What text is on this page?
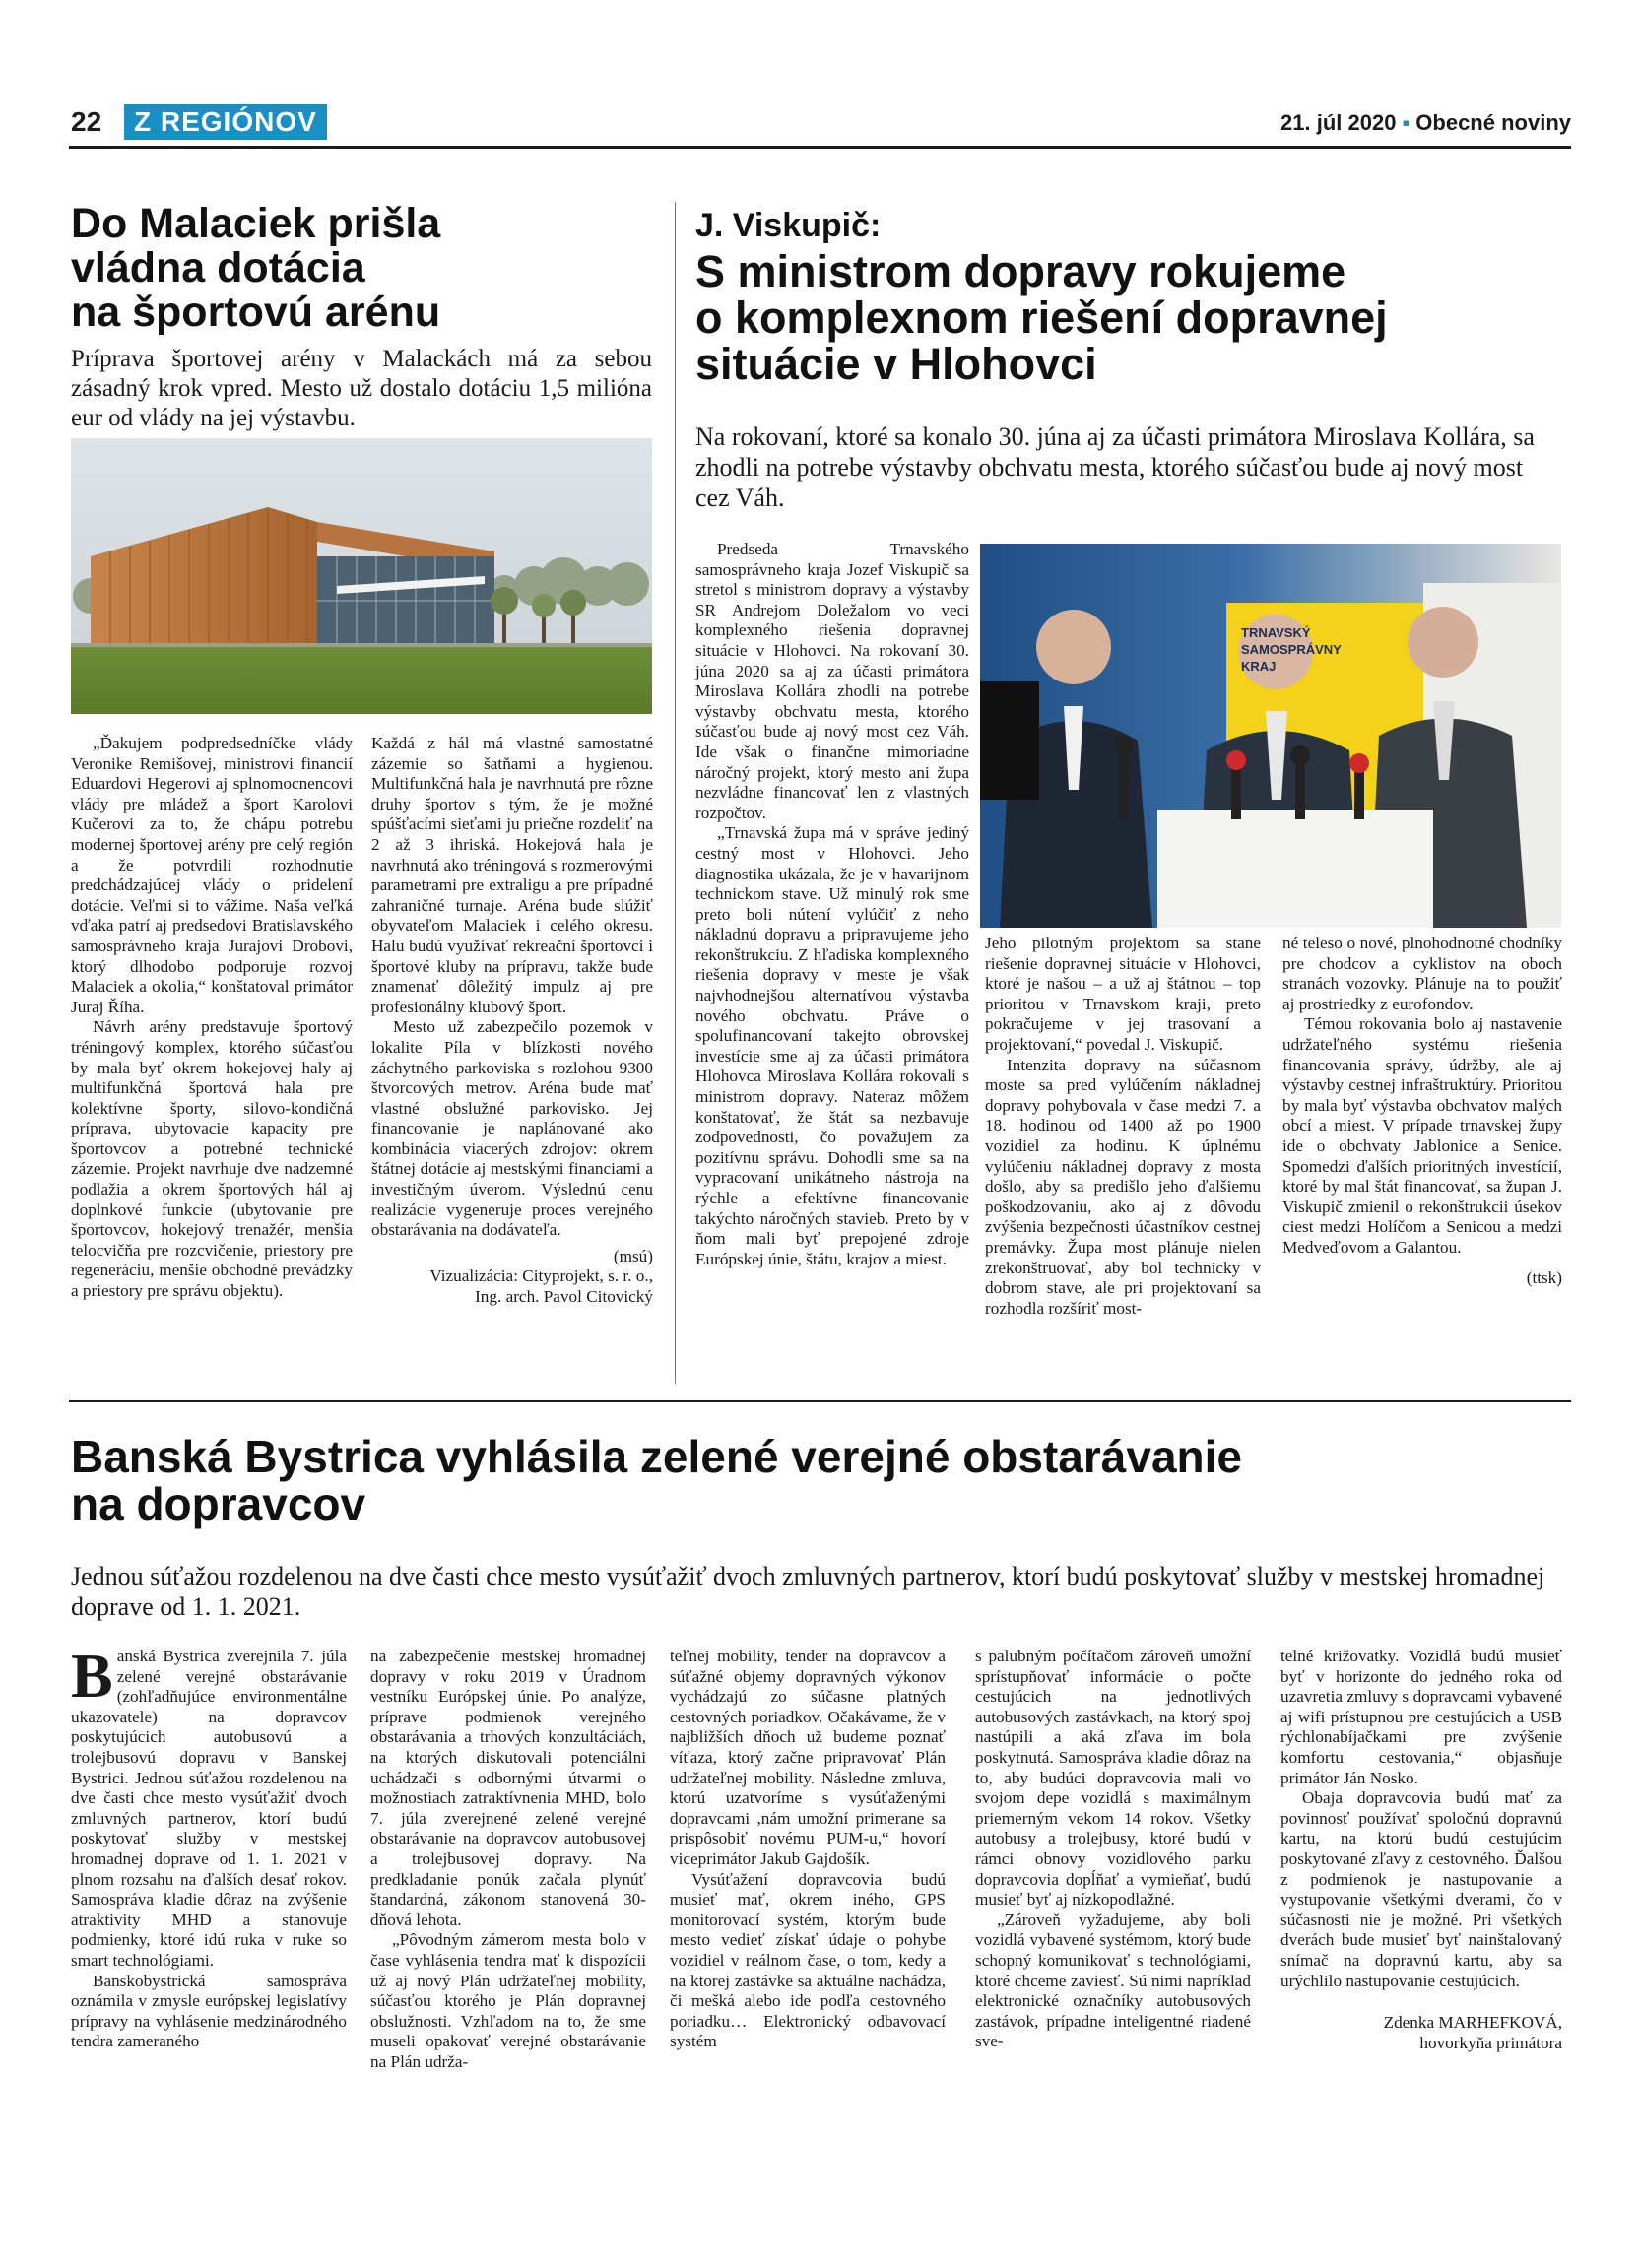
22	Z REGIÓNOV	21. júl 2020 ▪ Obecné noviny
Do Malaciek prišla
vládna dotácia
na športovú arénu
Príprava športovej arény v Malackách má za sebou zásadný krok vpred. Mesto už dostalo dotáciu 1,5 milióna eur od vlády na jej výstavbu.

„Ďakujem podpredsedníčke vlády Veronike Remišovej, ministrovi financií Eduardovi Hegerovi aj splnomocnencovi vlády pre mládež a šport Karolovi Kučerovi za to, že chápu potrebu modernej športovej arény pre celý región a že potvrdili rozhodnutie predchádzajúcej vlády o pridelení dotácie. Veľmi si to vážime. Naša veľká vďaka patrí aj predsedovi Bratislavského samosprávneho kraja Jurajovi Drobovi, ktorý dlhodobo podporuje rozvoj Malaciek a okolia,“ konštatoval primátor Juraj Říha.

Návrh arény predstavuje športový tréningový komplex, ktorého súčasťou by mala byť okrem hokejovej haly aj multifunkčná športová hala pre kolektívne športy, silovo-kondičná príprava, ubytovacie kapacity pre športovcov a potrebné technické zázemie. Projekt navrhuje dve nadzemné podlažia a okrem športových hál aj doplnkové funkcie (ubytovanie pre športovcov, hokejový trenažér, menšia telocvičňa pre rozcvičenie, priestory pre regeneráciu, menšie obchodné prevádzky a priestory pre správu objektu).

Každá z hál má vlastné samostatné zázemie so šatňami a hygienou. Multifunkčná hala je navrhnutá pre rôzne druhy športov s tým, že je možné spúšťacími sieťami ju priečne rozdeliť na 2 až 3 ihriská. Hokejová hala je navrhnutá ako tréningová s rozmerovými parametrami pre extraligu a pre prípadné zahraničné turnaje. Aréna bude slúžiť obyvateľom Malaciek i celého okresu. Halu budú využívať rekreační športovci i športové kluby na prípravu, takže bude znamenať dôležitý impulz aj pre profesionálny klubový šport.

Mesto už zabezpečilo pozemok v lokalite Píla v blízkosti nového záchytného parkoviska s rozlohou 9300 štvorcových metrov. Aréna bude mať vlastné obslužné parkovisko. Jej financovanie je naplánované ako kombinácia viacerých zdrojov: okrem štátnej dotácie aj mestskými financiami a investičným úverom. Výslednú cenu realizácie vygeneruje proces verejného obstarávania na dodávateľa.

(msú)

Vizualizácia: Cityprojekt, s. r. o.,

Ing. arch. Pavol Citovický

J. Viskupič:
S ministrom dopravy rokujeme
o komplexnom riešení dopravnej
situácie v Hlohovci
Na rokovaní, ktoré sa konalo 30. júna aj za účasti primátora Miroslava Kollára, sa zhodli na potrebe výstavby obchvatu mesta, ktorého súčasťou bude aj nový most cez Váh.

Predseda Trnavského samosprávneho kraja Jozef Viskupič sa stretol s ministrom dopravy a výstavby SR Andrejom Doležalom vo veci komplexného riešenia dopravnej situácie v Hlohovci. Na rokovaní 30. júna 2020 sa aj za účasti primátora Miroslava Kollára zhodli na potrebe výstavby obchvatu mesta, ktorého súčasťou bude aj nový most cez Váh. Ide však o finančne mimoriadne náročný projekt, ktorý mesto ani župa nezvládne financovať len z vlastných rozpočtov.

„Trnavská župa má v správe jediný cestný most v Hlohovci. Jeho diagnostika ukázala, že je v havarijnom technickom stave. Už minulý rok sme preto boli nútení vylúčiť z neho nákladnú dopravu a pripravujeme jeho rekonštrukciu. Z hľadiska komplexného riešenia dopravy v meste je však najvhodnejšou alternatívou výstavba nového obchvatu. Práve o spolufinancovaní takejto obrovskej investície sme aj za účasti primátora Hlohovca Miroslava Kollára rokovali s ministrom dopravy. Nateraz môžem konštatovať, že štát sa nezbavuje zodpovednosti, čo považujem za pozitívnu správu. Dohodli sme sa na vypracovaní unikátneho nástroja na rýchle a efektívne financovanie takýchto náročných stavieb. Preto by v ňom mali byť prepojené zdroje Európskej únie, štátu, krajov a miest.

TRNAVSKÝ
SAMOSPRÁVNY
KRAJ

Jeho pilotným projektom sa stane riešenie dopravnej situácie v Hlohovci, ktoré je našou – a už aj štátnou – top prioritou v Trnavskom kraji, preto pokračujeme v jej trasovaní a projektovaní,“ povedal J. Viskupič.

Intenzita dopravy na súčasnom moste sa pred vylúčením nákladnej dopravy pohybovala v čase medzi 7. a 18. hodinou od 1400 až po 1900 vozidiel za hodinu. K úplnému vylúčeniu nákladnej dopravy z mosta došlo, aby sa predišlo jeho ďalšiemu poškodzovaniu, ako aj z dôvodu zvýšenia bezpečnosti účastníkov cestnej premávky. Župa most plánuje nielen zrekonštruovať, aby bol technicky v dobrom stave, ale pri projektovaní sa rozhodla rozšíriť most-

né teleso o nové, plnohodnotné chodníky pre chodcov a cyklistov na oboch stranách vozovky. Plánuje na to použiť aj prostriedky z eurofondov.

Témou rokovania bolo aj nastavenie udržateľného systému riešenia financovania správy, údržby, ale aj výstavby cestnej infraštruktúry. Prioritou by mala byť výstavba obchvatov malých obcí a miest. V prípade trnavskej župy ide o obchvaty Jablonice a Senice. Spomedzi ďalších prioritných investícií, ktoré by mal štát financovať, sa župan J. Viskupič zmienil o rekonštrukcii úsekov ciest medzi Holíčom a Senicou a medzi Medveďovom a Galantou.

(ttsk)

Banská Bystrica vyhlásila zelené verejné obstarávanie
na dopravcov
Jednou súťažou rozdelenou na dve časti chce mesto vysúťažiť dvoch zmluvných partnerov, ktorí budú poskytovať služby v mestskej hromadnej doprave od 1. 1. 2021.

Banská Bystrica zverejnila 7. júla zelené verejné obstarávanie (zohľadňujúce environmentálne ukazovatele) na dopravcov poskytujúcich autobusovú a trolejbusovú dopravu v Banskej Bystrici. Jednou súťažou rozdelenou na dve časti chce mesto vysúťažiť dvoch zmluvných partnerov, ktorí budú poskytovať služby v mestskej hromadnej doprave od 1. 1. 2021 v plnom rozsahu na ďalších desať rokov. Samospráva kladie dôraz na zvýšenie atraktivity MHD a stanovuje podmienky, ktoré idú ruka v ruke so smart technológiami.

Banskobystrická samospráva oznámila v zmysle európskej legislatívy prípravy na vyhlásenie medzinárodného tendra zameraného

na zabezpečenie mestskej hromadnej dopravy v roku 2019 v Úradnom vestníku Európskej únie. Po analýze, príprave podmienok verejného obstarávania a trhových konzultáciách, na ktorých diskutovali potenciálni uchádzači s odbornými útvarmi o možnostiach zatraktívnenia MHD, bolo 7. júla zverejnené zelené verejné obstarávanie na dopravcov autobusovej a trolejbusovej dopravy. Na predkladanie ponúk začala plynúť štandardná, zákonom stanovená 30-dňová lehota.

„Pôvodným zámerom mesta bolo v čase vyhlásenia tendra mať k dispozícii už aj nový Plán udržateľnej mobility, súčasťou ktorého je Plán dopravnej obslužnosti. Vzhľadom na to, že sme museli opakovať verejné obstarávanie na Plán udrža-

teľnej mobility, tender na dopravcov a súťažné objemy dopravných výkonov vychádzajú zo súčasne platných cestovných poriadkov. Očakávame, že v najbližších dňoch už budeme poznať víťaza, ktorý začne pripravovať Plán udržateľnej mobility. Následne zmluva, ktorú uzatvoríme s vysúťaženými dopravcami ,nám umožní primerane sa prispôsobiť novému PUM-u,“ hovorí viceprimátor Jakub Gajdošík.

Vysúťažení dopravcovia budú musieť mať, okrem iného, GPS monitorovací systém, ktorým bude mesto vedieť získať údaje o pohybe vozidiel v reálnom čase, o tom, kedy a na ktorej zastávke sa aktuálne nachádza, či mešká alebo ide podľa cestovného poriadku… Elektronický odbavovací systém

s palubným počítačom zároveň umožní sprístupňovať informácie o počte cestujúcich na jednotlivých autobusových zastávkach, na ktorý spoj nastúpili a aká zľava im bola poskytnutá. Samospráva kladie dôraz na to, aby budúci dopravcovia mali vo svojom depe vozidlá s maximálnym priemerným vekom 14 rokov. Všetky autobusy a trolejbusy, ktoré budú v rámci obnovy vozidlového parku dopravcovia dopĺňať a vymieňať, budú musieť byť aj nízkopodlažné.

„Zároveň vyžadujeme, aby boli vozidlá vybavené systémom, ktorý bude schopný komunikovať s technológiami, ktoré chceme zaviesť. Sú nimi napríklad elektronické označníky autobusových zastávok, prípadne inteligentné riadené sve-

telné križovatky. Vozidlá budú musieť byť v horizonte do jedného roka od uzavretia zmluvy s dopravcami vybavené aj wifi prístupnou pre cestujúcich a USB rýchlonabíjačkami pre zvýšenie komfortu cestovania,“ objasňuje primátor Ján Nosko.

Obaja dopravcovia budú mať za povinnosť používať spoločnú dopravnú kartu, na ktorú budú cestujúcim poskytované zľavy z cestovného. Ďalšou z podmienok je nastupovanie a vystupovanie všetkými dverami, čo v súčasnosti nie je možné. Pri všetkých dverách bude musieť byť nainštalovaný snímač na dopravnú kartu, aby sa urýchlilo nastupovanie cestujúcich.

Zdenka MARHEFKOVÁ,

hovorkyňa primátora
